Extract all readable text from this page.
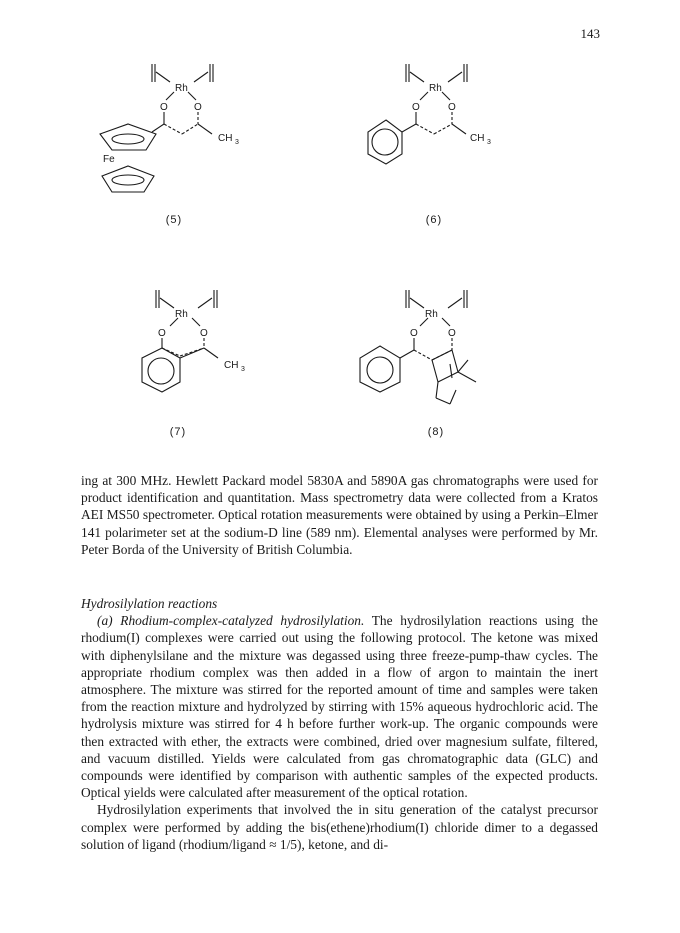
143
Rh
O	O
CH 3
Fe
(5)
Rh
O	O
CH 3
(6)
Rh
O	O
CH 3
(7)
Rh
O	O
(8)

ing at 300 MHz. Hewlett Packard model 5830A and 5890A gas chromatographs were used for product identification and quantitation. Mass spectrometry data were collected from a Kratos AEI MS50 spectrometer. Optical rotation measurements were obtained by using a Perkin–Elmer 141 polarimeter set at the sodium-D line (589 nm). Elemental analyses were performed by Mr. Peter Borda of the University of British Columbia.

Hydrosilylation reactions

(a) Rhodium-complex-catalyzed hydrosilylation. The hydrosilylation reactions using the rhodium(I) complexes were carried out using the following protocol. The ketone was mixed with diphenylsilane and the mixture was degassed using three freeze-pump-thaw cycles. The appropriate rhodium complex was then added in a flow of argon to maintain the inert atmosphere. The mixture was stirred for the reported amount of time and samples were taken from the reaction mixture and hydrolyzed by stirring with 15% aqueous hydrochloric acid. The hydrolysis mixture was stirred for 4 h before further work-up. The organic compounds were then extracted with ether, the extracts were combined, dried over magnesium sulfate, filtered, and vacuum distilled. Yields were calculated from gas chromatographic data (GLC) and compounds were identified by comparison with authentic samples of the expected products. Optical yields were calculated after measurement of the optical rotation.

Hydrosilylation experiments that involved the in situ generation of the catalyst precursor complex were performed by adding the bis(ethene)rhodium(I) chloride dimer to a degassed solution of ligand (rhodium/ligand ≈ 1/5), ketone, and di-
